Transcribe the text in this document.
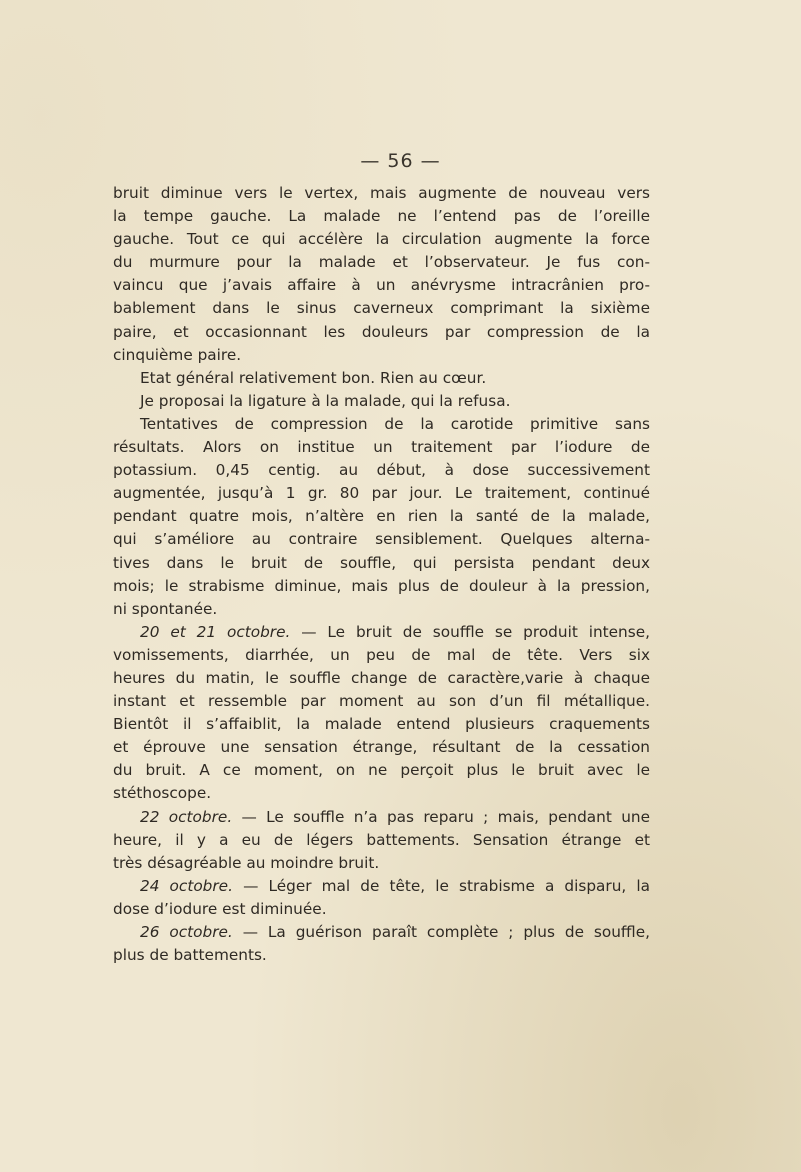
— 56 —
bruit diminue vers le vertex, mais augmente de nouveau vers
la tempe gauche. La malade ne l’entend pas de l’oreille
gauche. Tout ce qui accélère la circulation augmente la force
du murmure pour la malade et l’observateur. Je fus con-
vaincu que j’avais affaire à un anévrysme intracrânien pro-
bablement dans le sinus caverneux comprimant la sixième
paire, et occasionnant les douleurs par compression de la
cinquième paire.
Etat général relativement bon. Rien au cœur.
Je proposai la ligature à la malade, qui la refusa.
Tentatives de compression de la carotide primitive sans
résultats. Alors on institue un traitement par l’iodure de
potassium. 0,45 centig. au début, à dose successivement
augmentée, jusqu’à 1 gr. 80 par jour. Le traitement, continué
pendant quatre mois, n’altère en rien la santé de la malade,
qui s’améliore au contraire sensiblement. Quelques alterna-
tives dans le bruit de souffle, qui persista pendant deux
mois; le strabisme diminue, mais plus de douleur à la pression,
ni spontanée.
20 et 21 octobre. — Le bruit de souffle se produit intense,
vomissements, diarrhée, un peu de mal de tête. Vers six
heures du matin, le souffle change de caractère,varie à chaque
instant et ressemble par moment au son d’un fil métallique.
Bientôt il s’affaiblit, la malade entend plusieurs craquements
et éprouve une sensation étrange, résultant de la cessation
du bruit. A ce moment, on ne perçoit plus le bruit avec le
stéthoscope.
22 octobre. — Le souffle n’a pas reparu ; mais, pendant une
heure, il y a eu de légers battements. Sensation étrange et
très désagréable au moindre bruit.
24 octobre. — Léger mal de tête, le strabisme a disparu, la
dose d’iodure est diminuée.
26 octobre. — La guérison paraît complète ; plus de souffle,
plus de battements.
